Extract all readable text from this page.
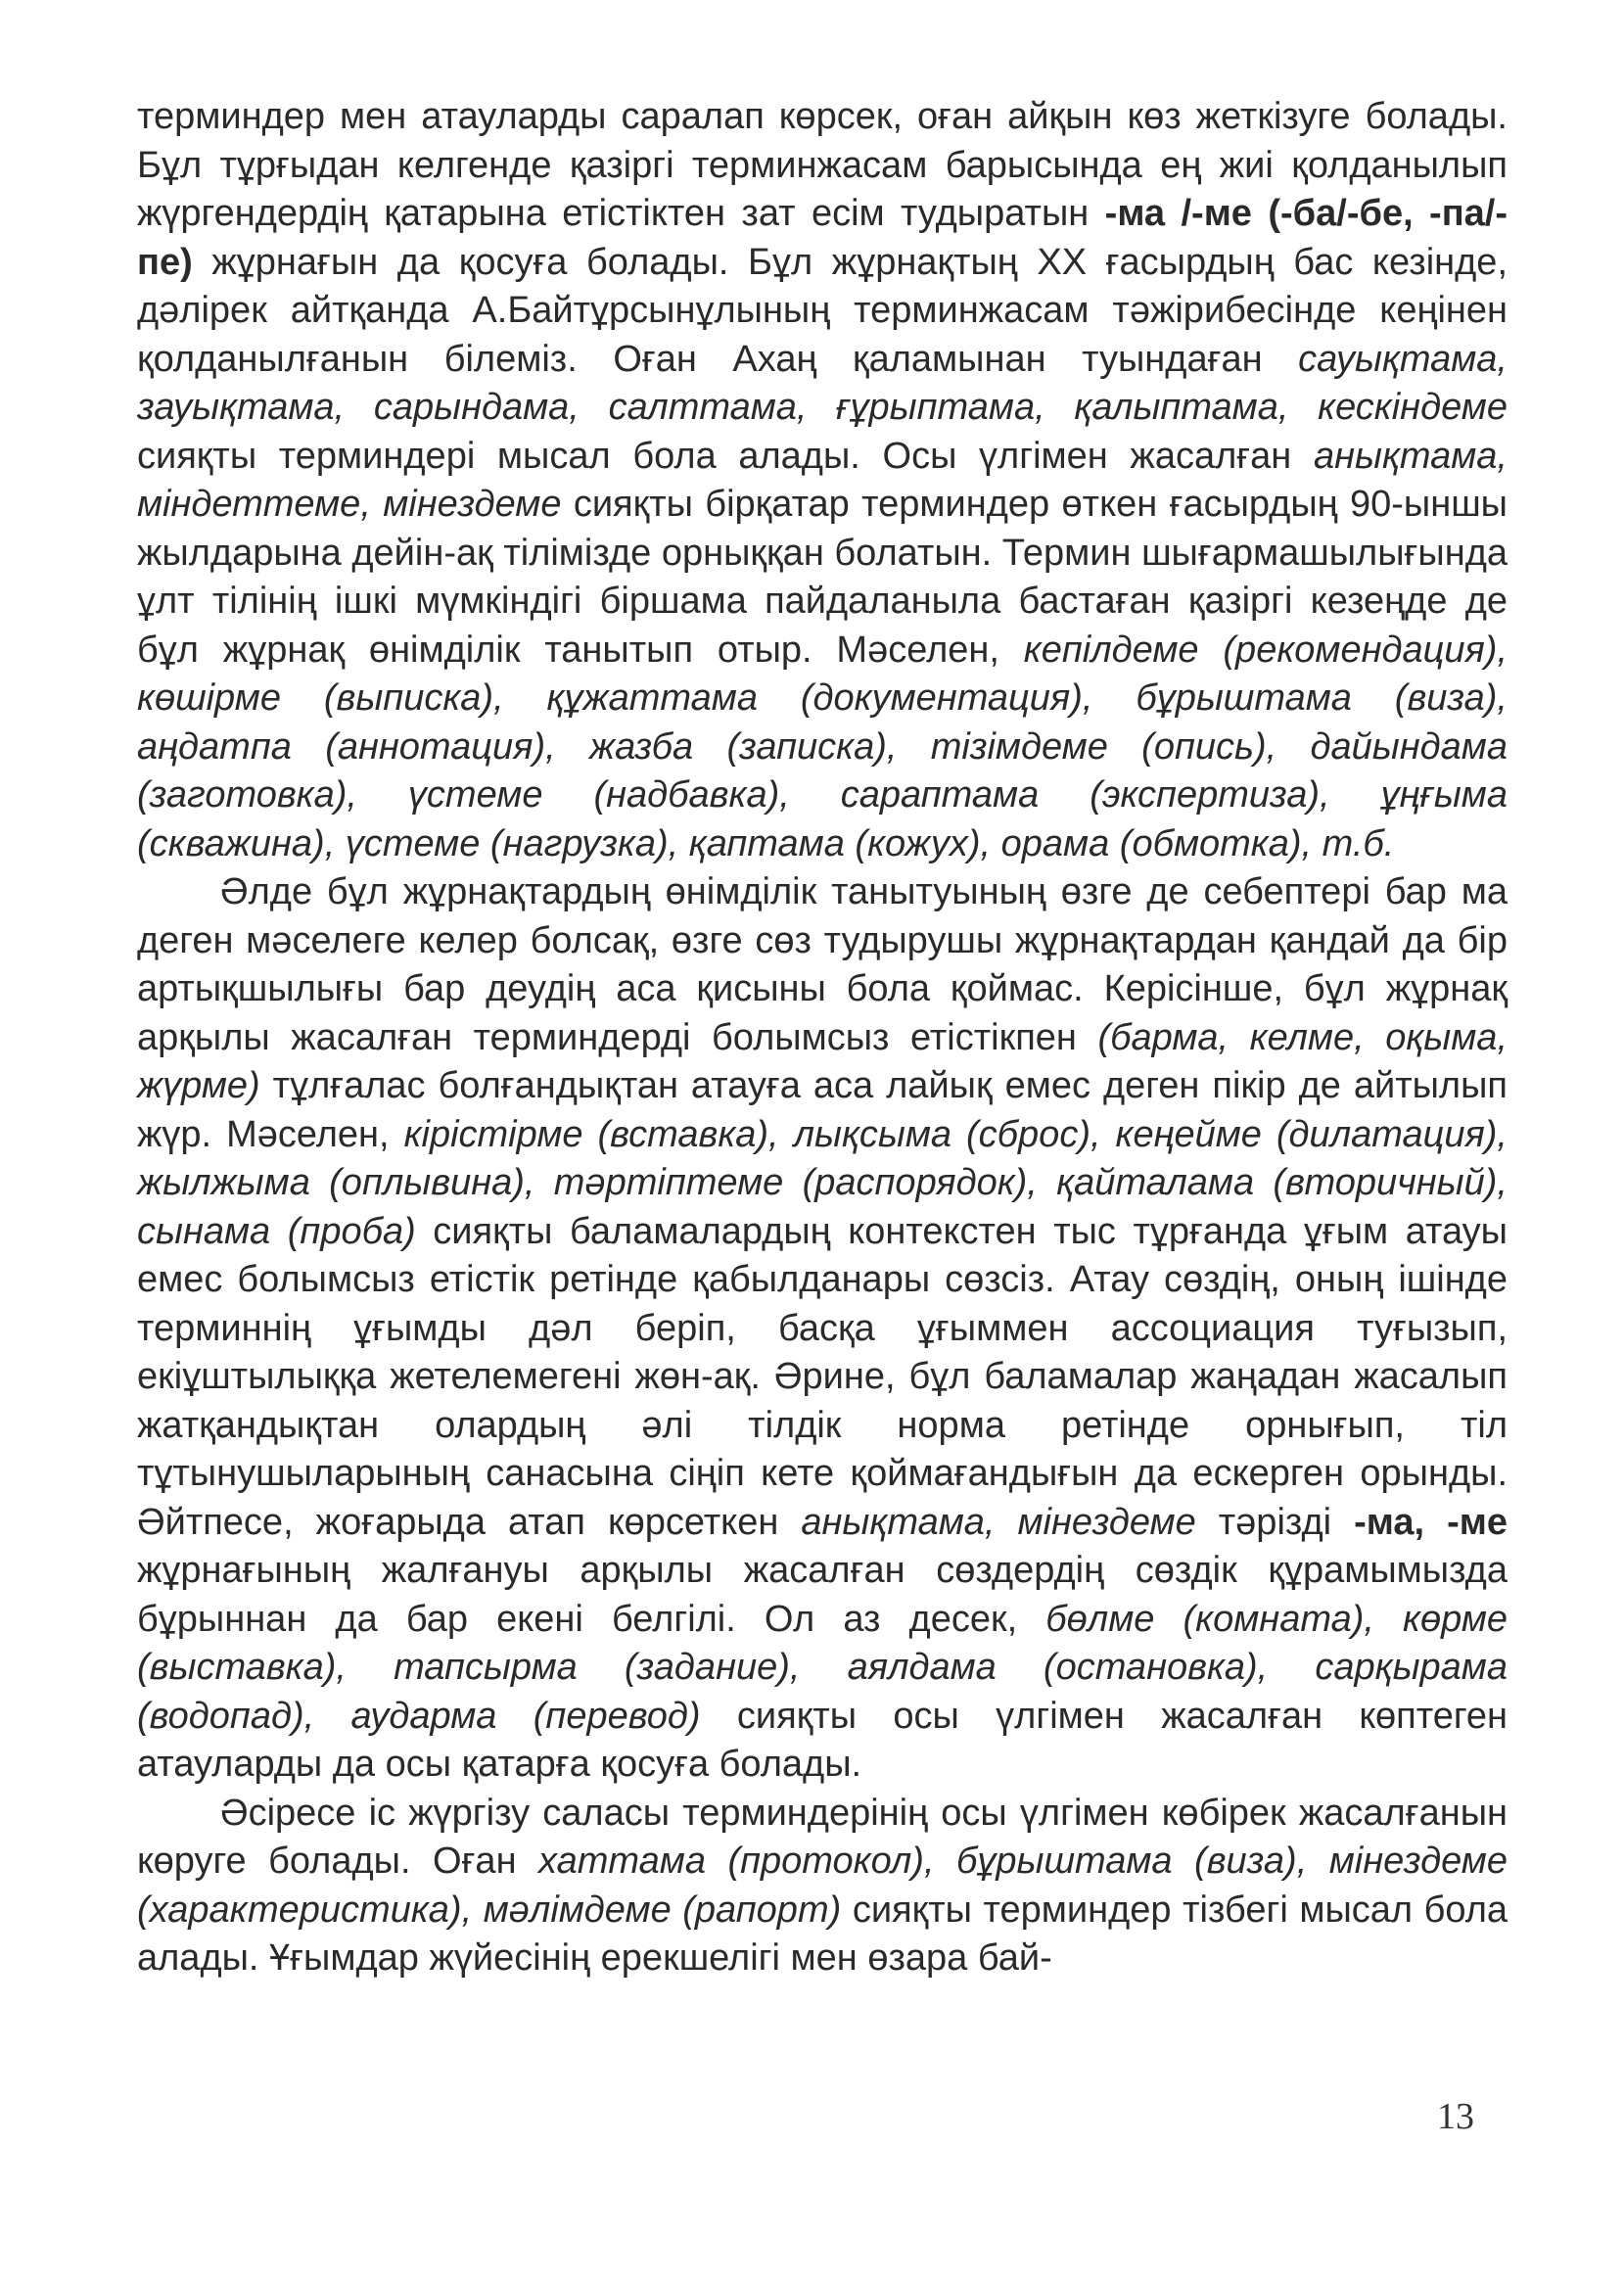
терминдер мен атауларды саралап көрсек, оған айқын көз жеткізуге болады. Бұл тұрғыдан келгенде қазіргі терминжасам барысында ең жиі қолданылып жүргендердің қатарына етістіктен зат есім тудыратын -ма /-ме (-ба/-бе, -па/-пе) жұрнағын да қосуға болады. Бұл жұрнақтың ХХ ғасырдың бас кезінде, дәлірек айтқанда А.Байтұрсынұлының терминжасам тәжірибесінде кеңінен қолданылғанын білеміз. Оған Ахаң қаламынан туындаған сауықтама, зауықтама, сарындама, салттама, ғұрыптама, қалыптама, кескіндеме сияқты терминдері мысал бола алады. Осы үлгімен жасалған анықтама, міндеттеме, мінездеме сияқты бірқатар терминдер өткен ғасырдың 90-ыншы жылдарына дейін-ақ тілімізде орныққан болатын. Термин шығармашылығында ұлт тілінің ішкі мүмкіндігі біршама пайдаланыла бастаған қазіргі кезеңде де бұл жұрнақ өнімділік танытып отыр. Мәселен, кепілдеме (рекомендация), көшірме (выписка), құжаттама (документация), бұрыштама (виза), аңдатпа (аннотация), жазба (записка), тізімдеме (опись), дайындама (заготовка), үстеме (надбавка), сараптама (экспертиза), ұңғыма (скважина), үстеме (нагрузка), қаптама (кожух), орама (обмотка), т.б.

Әлде бұл жұрнақтардың өнімділік танытуының өзге де себептері бар ма деген мәселеге келер болсақ, өзге сөз тудырушы жұрнақтардан қандай да бір артықшылығы бар деудің аса қисыны бола қоймас. Керісінше, бұл жұрнақ арқылы жасалған терминдерді болымсыз етістікпен (барма, келме, оқыма, жүрме) тұлғалас болғандықтан атауға аса лайық емес деген пікір де айтылып жүр. Мәселен, кірістірме (вставка), лықсыма (сброс), кеңейме (дилатация), жылжыма (оплывина), тәртіптеме (распорядок), қайталама (вторичный), сынама (проба) сияқты баламалардың контекстен тыс тұрғанда ұғым атауы емес болымсыз етістік ретінде қабылданары сөзсіз. Атау сөздің, оның ішінде терминнің ұғымды дәл беріп, басқа ұғыммен ассоциация туғызып, екіұштылыққа жетелемегені жөн-ақ. Әрине, бұл баламалар жаңадан жасалып жатқандықтан олардың әлі тілдік норма ретінде орнығып, тіл тұтынушыларының санасына сіңіп кете қоймағандығын да ескерген орынды. Әйтпесе, жоғарыда атап көрсеткен анықтама, мінездеме тәрізді -ма, -ме жұрнағының жалғануы арқылы жасалған сөздердің сөздік құрамымызда бұрыннан да бар екені белгілі. Ол аз десек, бөлме (комната), көрме (выставка), тапсырма (задание), аялдама (остановка), сарқырама (водопад), аударма (перевод) сияқты осы үлгімен жасалған көптеген атауларды да осы қатарға қосуға болады.

Әсіресе іс жүргізу саласы терминдерінің осы үлгімен көбірек жасалғанын көруге болады. Оған хаттама (протокол), бұрыштама (виза), мінездеме (характеристика), мәлімдеме (рапорт) сияқты терминдер тізбегі мысал бола алады. Ұғымдар жүйесінің ерекшелігі мен өзара бай-

13
